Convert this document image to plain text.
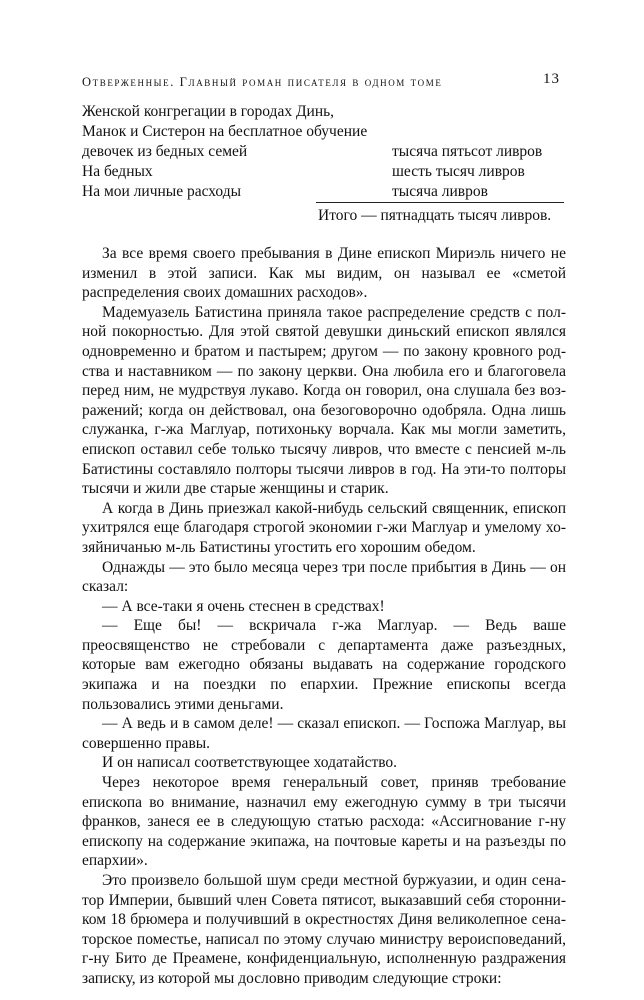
Отверженные. Главный роман писателя в одном томе	13
Женской конгрегации в городах Динь, Манок и Систерон на бесплатное обучение девочек из бедных семей	тысяча пятьсот ливров
На бедных	шесть тысяч ливров
На мои личные расходы	тысяча ливров
Итого — пятнадцать тысяч ливров.

За все время своего пребывания в Дине епископ Мириэль ничего не изменил в этой записи. Как мы видим, он называл ее «сметой распределения своих домашних расходов».

Мадемуазель Батистина приняла такое распределение средств с полной покорностью. Для этой святой девушки диньский епископ являлся одновременно и братом и пастырем; другом — по закону кровного родства и наставником — по закону церкви. Она любила его и благоговела перед ним, не мудрствуя лукаво. Когда он говорил, она слушала без возражений; когда он действовал, она безоговорочно одобряла. Одна лишь служанка, г-жа Маглуар, потихоньку ворчала. Как мы могли заметить, епископ оставил себе только тысячу ливров, что вместе с пенсией м-ль Батистины составляло полторы тысячи ливров в год. На эти-то полторы тысячи и жили две старые женщины и старик.

А когда в Динь приезжал какой-нибудь сельский священник, епископ ухитрялся еще благодаря строгой экономии г-жи Маглуар и умелому хозяйничанью м-ль Батистины угостить его хорошим обедом.

Однажды — это было месяца через три после прибытия в Динь — он сказал:

— А все-таки я очень стеснен в средствах!

— Еще бы! — вскричала г-жа Маглуар. — Ведь ваше преосвященство не стребовали с департамента даже разъездных, которые вам ежегодно обязаны выдавать на содержание городского экипажа и на поездки по епархии. Прежние епископы всегда пользовались этими деньгами.

— А ведь и в самом деле! — сказал епископ. — Госпожа Маглуар, вы совершенно правы.

И он написал соответствующее ходатайство.

Через некоторое время генеральный совет, приняв требование епископа во внимание, назначил ему ежегодную сумму в три тысячи франков, занеся ее в следующую статью расхода: «Ассигнование г-ну епископу на содержание экипажа, на почтовые кареты и на разъезды по епархии».

Это произвело большой шум среди местной буржуазии, и один сенатор Империи, бывший член Совета пятисот, выказавший себя сторонником 18 брюмера и получивший в окрестностях Диня великолепное сенаторское поместье, написал по этому случаю министру вероисповеданий, г-ну Бито де Преамене, конфиденциальную, исполненную раздражения записку, из которой мы дословно приводим следующие строки:
